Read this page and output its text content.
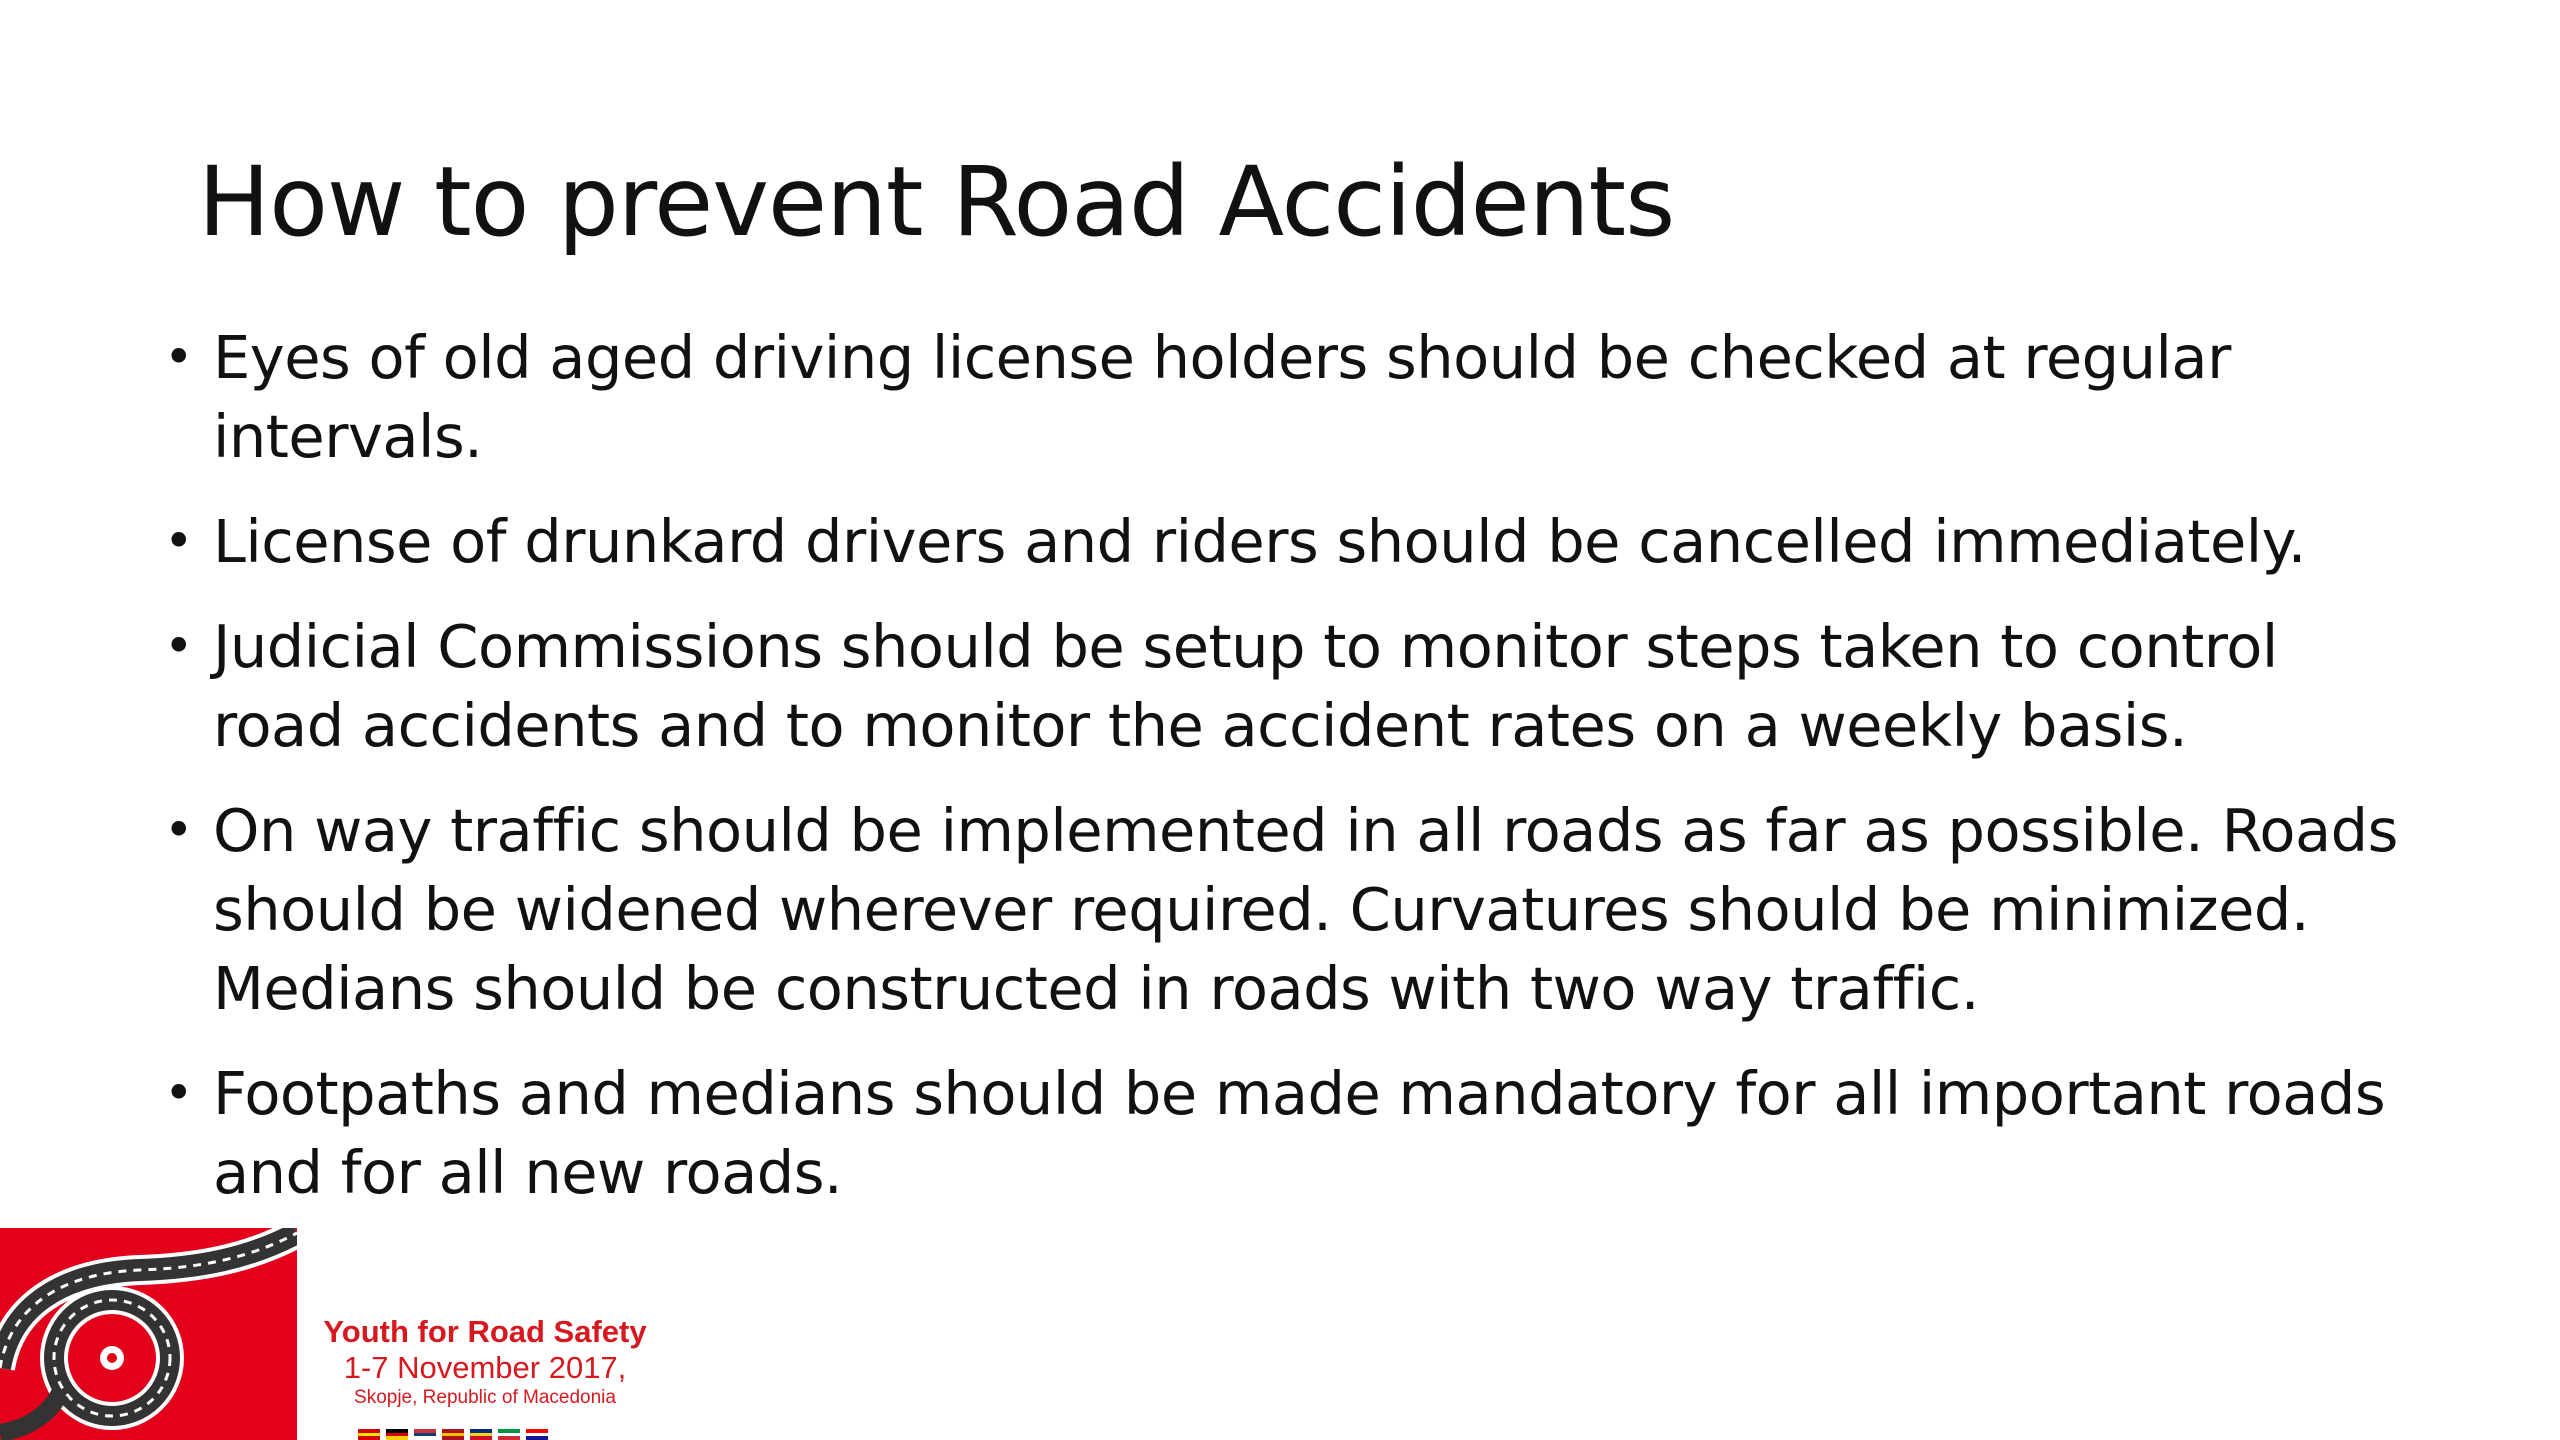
How to prevent Road Accidents
• Eyes of old aged driving license holders should be checked at regular intervals.
• License of drunkard drivers and riders should be cancelled immediately.
• Judicial Commissions should be setup to monitor steps taken to control road accidents and to monitor the accident rates on a weekly basis.
• On way traffic should be implemented in all roads as far as possible. Roads should be widened wherever required. Curvatures should be minimized. Medians should be constructed in roads with two way traffic.
• Footpaths and medians should be made mandatory for all important roads and for all new roads.
Youth for Road Safety
1-7 November 2017,
Skopje, Republic of Macedonia
